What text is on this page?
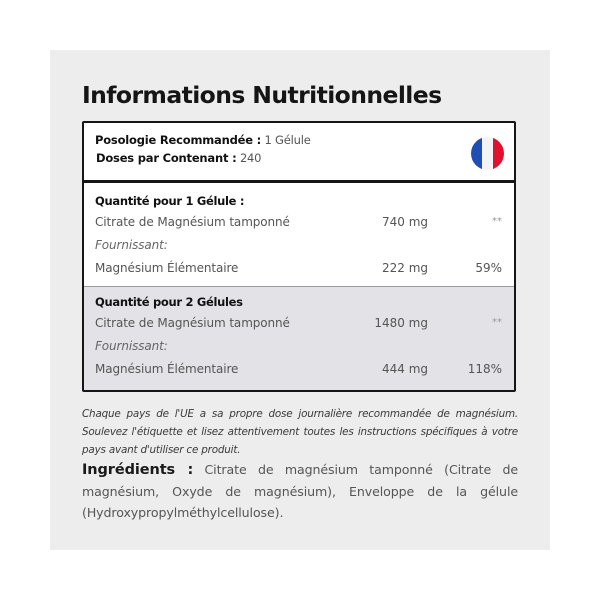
Informations Nutritionnelles
Posologie Recommandée : 1 Gélule
Doses par Contenant : 240
Quantité pour 1 Gélule :
Citrate de Magnésium tamponné	740 mg	**
Fournissant:
Magnésium Élémentaire	222 mg	59%
Quantité pour 2 Gélules
Citrate de Magnésium tamponné	1480 mg	**
Fournissant:
Magnésium Élémentaire	444 mg	118%
Chaque pays de l'UE a sa propre dose journalière recommandée de magnésium. Soulevez l'étiquette et lisez attentivement toutes les instructions spécifiques à votre pays avant d'utiliser ce produit.
Ingrédients : Citrate de magnésium tamponné (Citrate de magnésium, Oxyde de magnésium), Enveloppe de la gélule (Hydroxypropylméthylcellulose).
